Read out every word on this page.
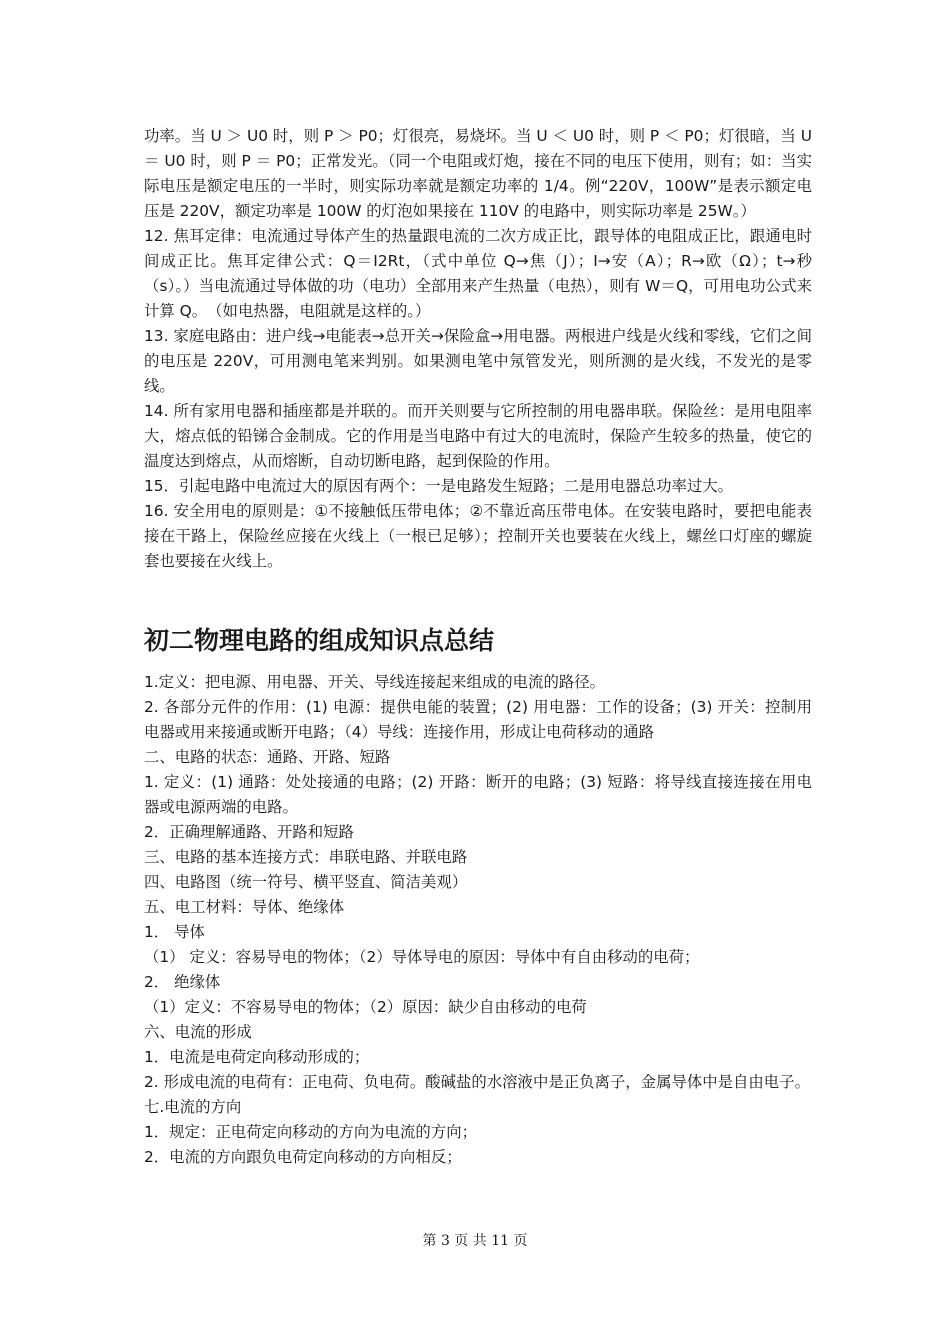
功率。当 U ＞ U0 时，则 P ＞ P0；灯很亮，易烧坏。当 U ＜ U0 时，则 P ＜ P0；灯很暗，当 U ＝ U0 时，则 P ＝ P0；正常发光。（同一个电阻或灯炮，接在不同的电压下使用，则有；如：当实际电压是额定电压的一半时，则实际功率就是额定功率的 1/4。例“220V，100W”是表示额定电压是 220V，额定功率是 100W 的灯泡如果接在 110V 的电路中，则实际功率是 25W。）

12. 焦耳定律：电流通过导体产生的热量跟电流的二次方成正比，跟导体的电阻成正比，跟通电时间成正比。焦耳定律公式：Q＝I2Rt，（式中单位 Q→焦（J）；I→安（A）；R→欧（Ω）；t→秒（s）。）当电流通过导体做的功（电功）全部用来产生热量（电热），则有 W＝Q，可用电功公式来计算 Q。　（如电热器，电阻就是这样的。）

13. 家庭电路由：进户线→电能表→总开关→保险盒→用电器。两根进户线是火线和零线，它们之间的电压是 220V，可用测电笔来判别。如果测电笔中氖管发光，则所测的是火线，不发光的是零线。

14. 所有家用电器和插座都是并联的。而开关则要与它所控制的用电器串联。保险丝：是用电阻率大，熔点低的铅锑合金制成。它的作用是当电路中有过大的电流时，保险产生较多的热量，使它的温度达到熔点，从而熔断，自动切断电路，起到保险的作用。

15．引起电路中电流过大的原因有两个：一是电路发生短路；二是用电器总功率过大。

16. 安全用电的原则是：①不接触低压带电体；②不靠近高压带电体。在安装电路时，要把电能表接在干路上，保险丝应接在火线上（一根已足够）；控制开关也要装在火线上，螺丝口灯座的螺旋套也要接在火线上。

初二物理电路的组成知识点总结

1.定义：把电源、用电器、开关、导线连接起来组成的电流的路径。

2. 各部分元件的作用：(1) 电源：提供电能的装置；(2) 用电器：工作的设备；(3) 开关：控制用电器或用来接通或断开电路；（4）导线：连接作用，形成让电荷移动的通路

二、电路的状态：通路、开路、短路

1. 定义：(1) 通路：处处接通的电路；(2) 开路：断开的电路；(3) 短路：将导线直接连接在用电器或电源两端的电路。

2．正确理解通路、开路和短路

三、电路的基本连接方式：串联电路、并联电路

四、电路图（统一符号、横平竖直、简洁美观）

五、电工材料：导体、绝缘体

1． 导体

（1） 定义：容易导电的物体；（2）导体导电的原因：导体中有自由移动的电荷；

2． 绝缘体

（1）定义：不容易导电的物体；（2）原因：缺少自由移动的电荷

六、电流的形成

1．电流是电荷定向移动形成的；

2. 形成电流的电荷有：正电荷、负电荷。酸碱盐的水溶液中是正负离子，金属导体中是自由电子。

七.电流的方向

1．规定：正电荷定向移动的方向为电流的方向；

2．电流的方向跟负电荷定向移动的方向相反；

第 3 页 共 11 页
